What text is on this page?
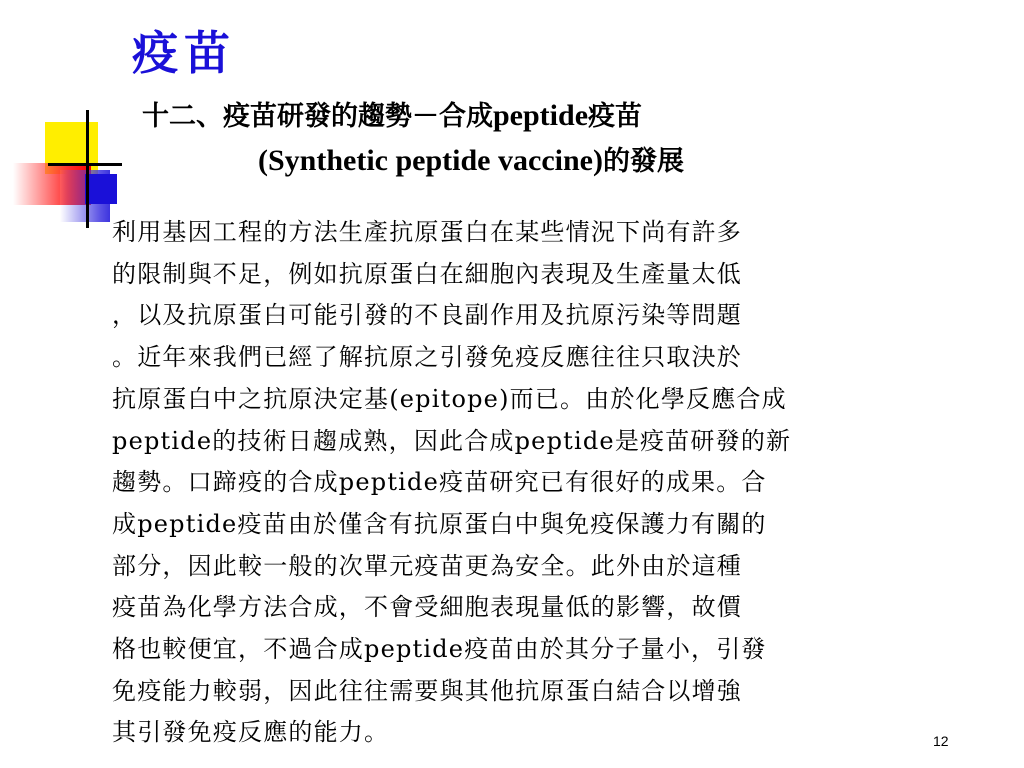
疫苗
十二、疫苗研發的趨勢－合成peptide疫苗
(Synthetic peptide vaccine)的發展
利用基因工程的方法生產抗原蛋白在某些情況下尚有許多
的限制與不足，例如抗原蛋白在細胞內表現及生產量太低
，以及抗原蛋白可能引發的不良副作用及抗原污染等問題
。近年來我們已經了解抗原之引發免疫反應往往只取決於
抗原蛋白中之抗原決定基(epitope)而已。由於化學反應合成
peptide的技術日趨成熟，因此合成peptide是疫苗研發的新
趨勢。口蹄疫的合成peptide疫苗研究已有很好的成果。合
成peptide疫苗由於僅含有抗原蛋白中與免疫保護力有關的
部分，因此較一般的次單元疫苗更為安全。此外由於這種
疫苗為化學方法合成，不會受細胞表現量低的影響，故價
格也較便宜，不過合成peptide疫苗由於其分子量小，引發
免疫能力較弱，因此往往需要與其他抗原蛋白結合以增強
其引發免疫反應的能力。	12
